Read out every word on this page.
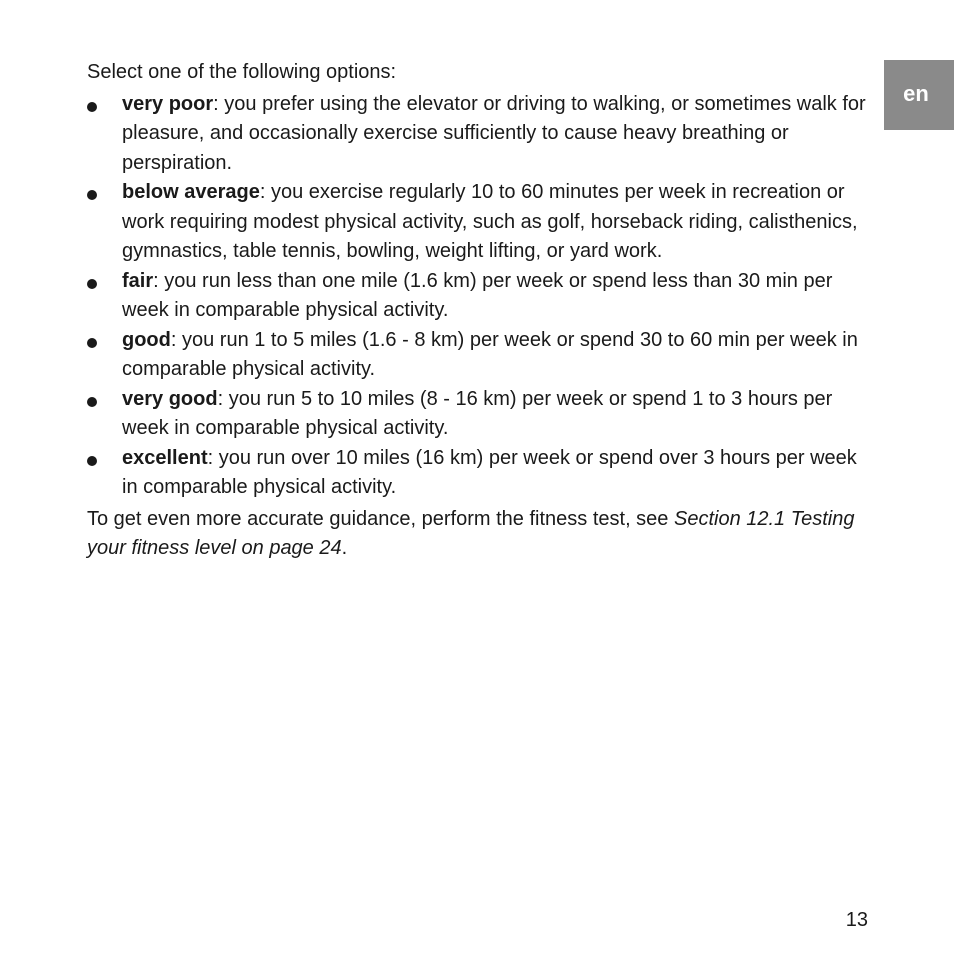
en

Select one of the following options:

very poor: you prefer using the elevator or driving to walking, or sometimes walk for pleasure, and occasionally exercise sufficiently to cause heavy breathing or perspiration.
below average: you exercise regularly 10 to 60 minutes per week in recreation or work requiring modest physical activity, such as golf, horseback riding, calisthenics, gymnastics, table tennis, bowling, weight lifting, or yard work.
fair: you run less than one mile (1.6 km) per week or spend less than 30 min per week in comparable physical activity.
good: you run 1 to 5 miles (1.6 - 8 km) per week or spend 30 to 60 min per week in comparable physical activity.
very good: you run 5 to 10 miles (8 - 16 km) per week or spend 1 to 3 hours per week in comparable physical activity.
excellent: you run over 10 miles (16 km) per week or spend over 3 hours per week in comparable physical activity.

To get even more accurate guidance, perform the fitness test, see Section 12.1 Testing your fitness level on page 24.

13
